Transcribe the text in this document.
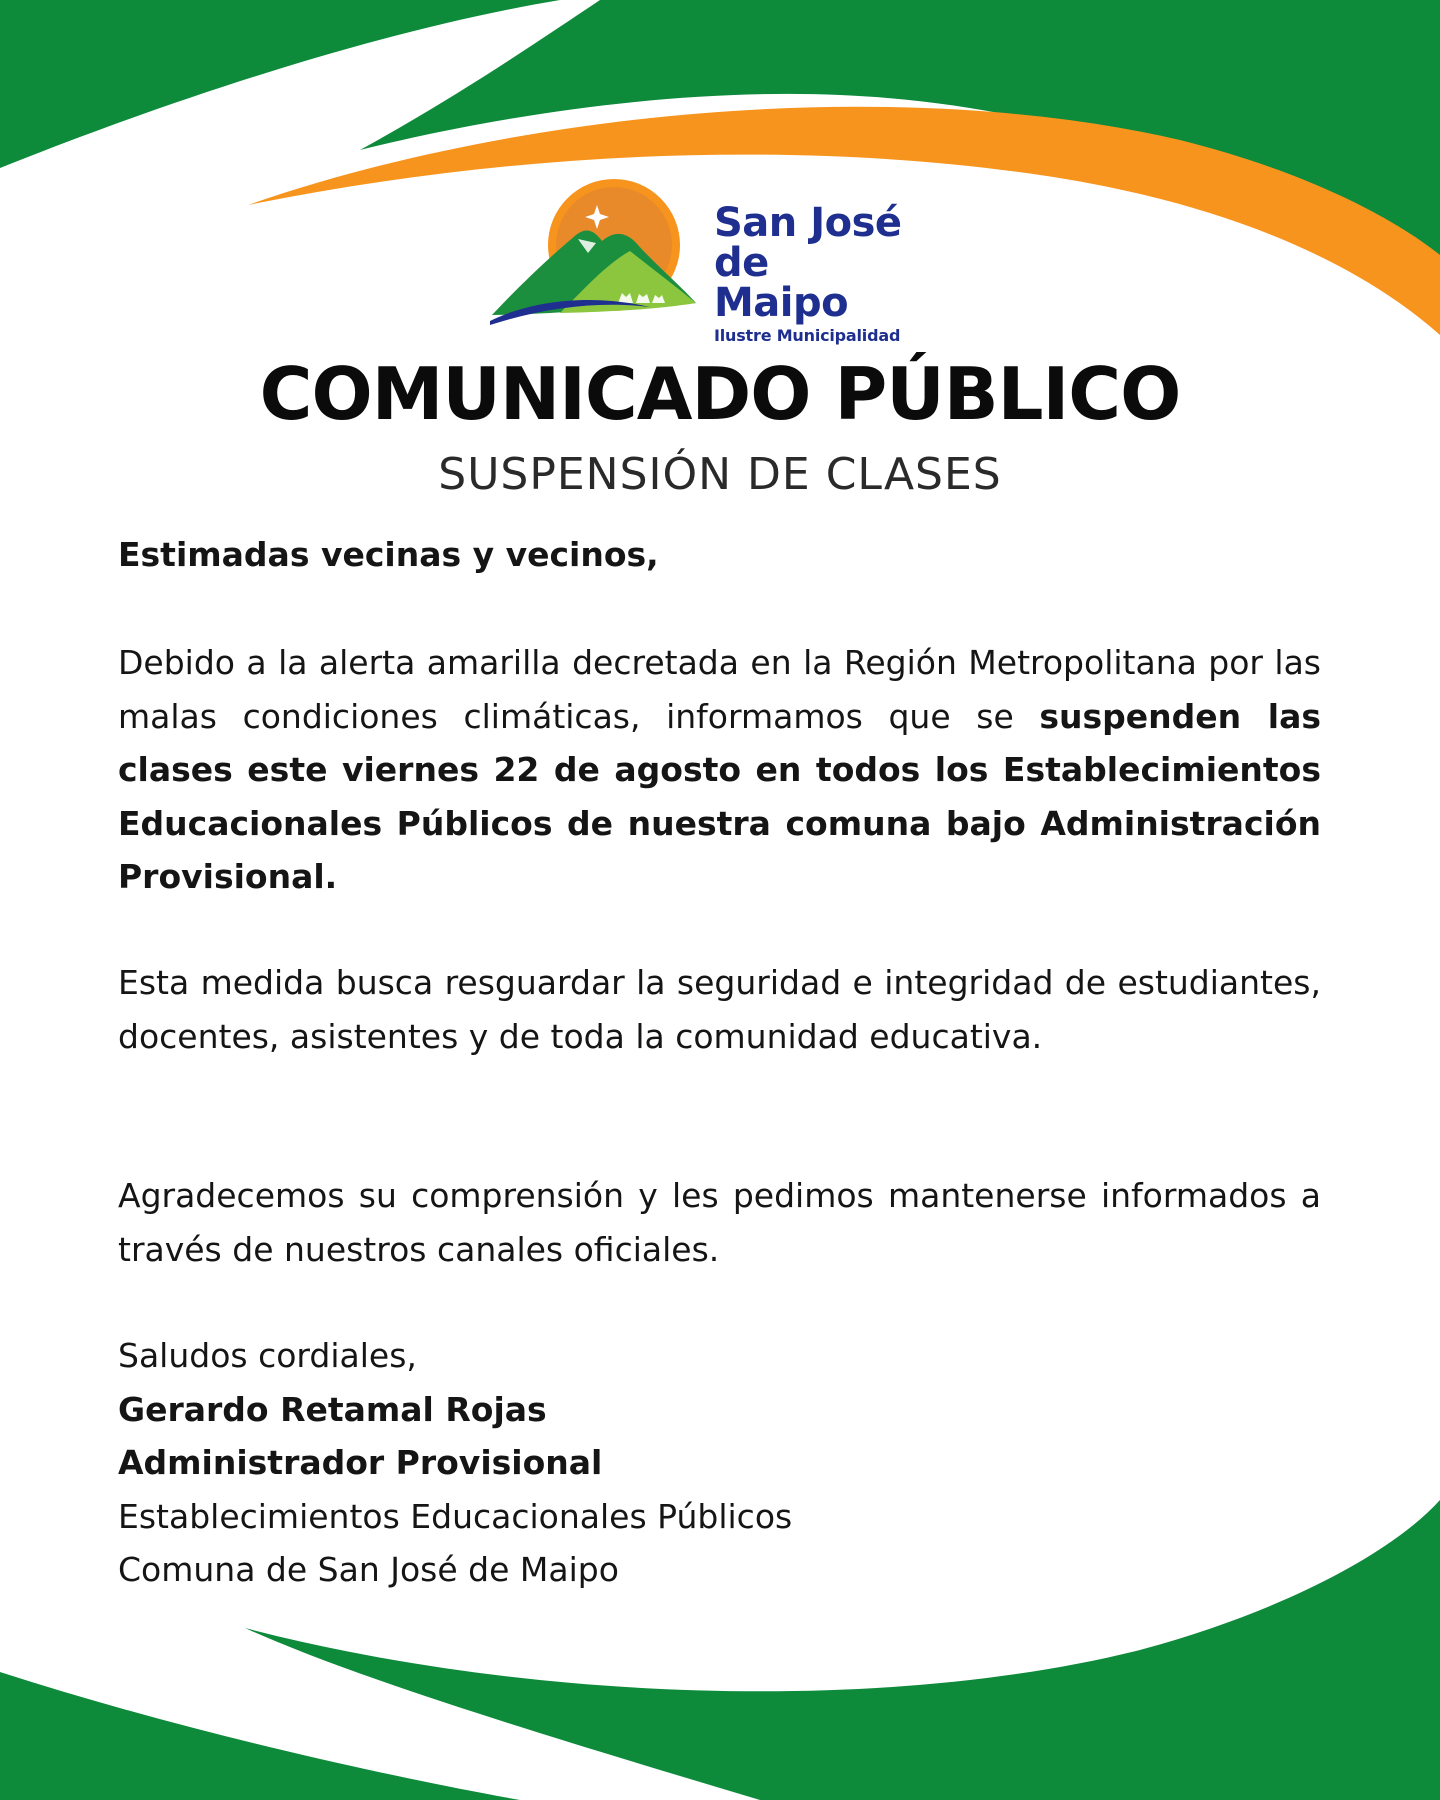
San José
de Maipo
Ilustre Municipalidad
COMUNICADO PÚBLICO
SUSPENSIÓN DE CLASES
Estimadas vecinas y vecinos,
Debido a la alerta amarilla decretada en la Región Metropolitana por las malas condiciones climáticas, informamos que se suspenden las clases este viernes 22 de agosto en todos los Establecimientos Educacionales Públicos de nuestra comuna bajo Administración Provisional.
Esta medida busca resguardar la seguridad e integridad de estudiantes, docentes, asistentes y de toda la comunidad educativa.
Agradecemos su comprensión y les pedimos mantenerse informados a través de nuestros canales oficiales.
Saludos cordiales,
Gerardo Retamal Rojas
Administrador Provisional
Establecimientos Educacionales Públicos
Comuna de San José de Maipo
